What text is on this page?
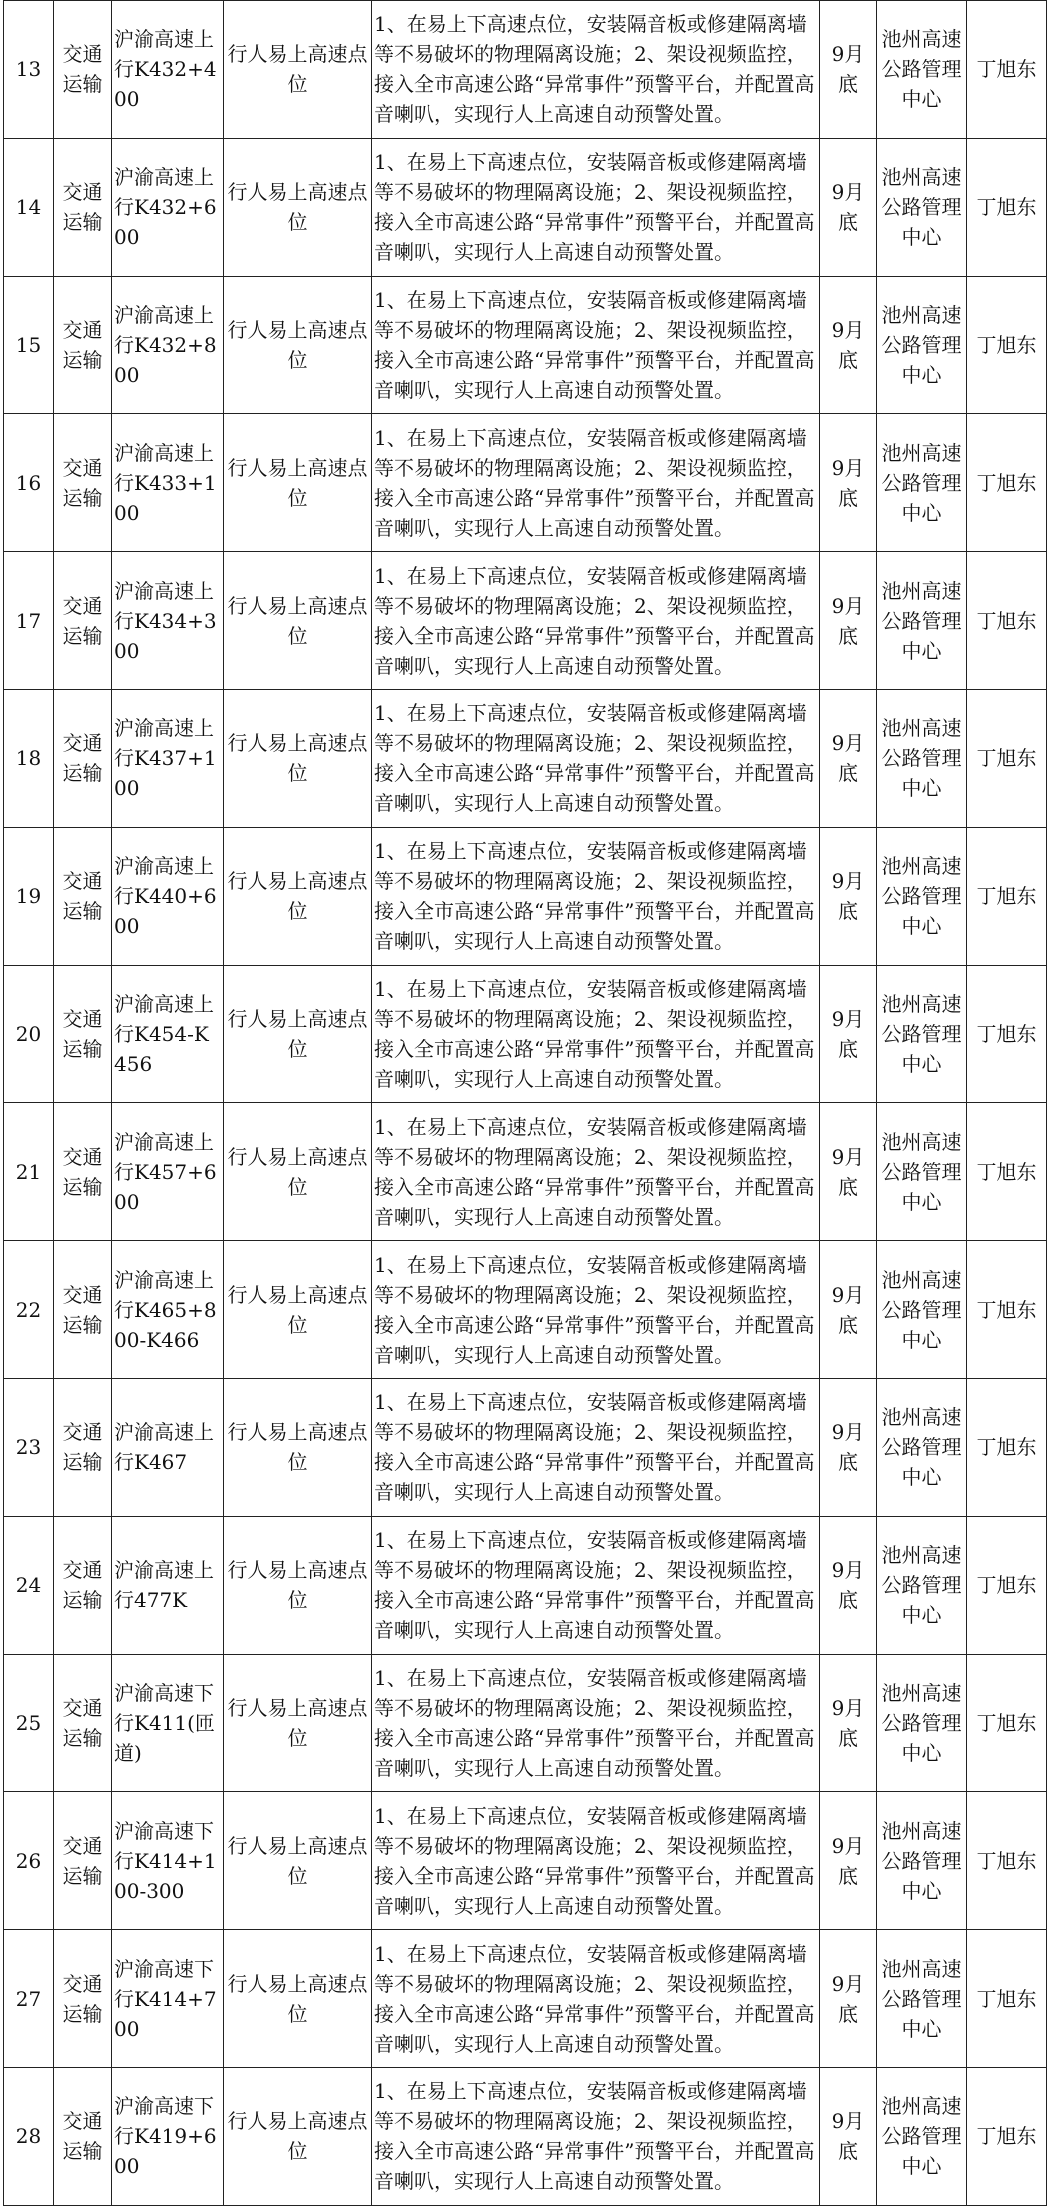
13	交通运输	沪渝高速上行K432+400	行人易上高速点位	1、在易上下高速点位，安装隔音板或修建隔离墙等不易破坏的物理隔离设施；2、架设视频监控，接入全市高速公路“异常事件”预警平台，并配置高音喇叭，实现行人上高速自动预警处置。	9月底	池州高速公路管理中心	丁旭东
14	交通运输	沪渝高速上行K432+600	行人易上高速点位	1、在易上下高速点位，安装隔音板或修建隔离墙等不易破坏的物理隔离设施；2、架设视频监控，接入全市高速公路“异常事件”预警平台，并配置高音喇叭，实现行人上高速自动预警处置。	9月底	池州高速公路管理中心	丁旭东
15	交通运输	沪渝高速上行K432+800	行人易上高速点位	1、在易上下高速点位，安装隔音板或修建隔离墙等不易破坏的物理隔离设施；2、架设视频监控，接入全市高速公路“异常事件”预警平台，并配置高音喇叭，实现行人上高速自动预警处置。	9月底	池州高速公路管理中心	丁旭东
16	交通运输	沪渝高速上行K433+100	行人易上高速点位	1、在易上下高速点位，安装隔音板或修建隔离墙等不易破坏的物理隔离设施；2、架设视频监控，接入全市高速公路“异常事件”预警平台，并配置高音喇叭，实现行人上高速自动预警处置。	9月底	池州高速公路管理中心	丁旭东
17	交通运输	沪渝高速上行K434+300	行人易上高速点位	1、在易上下高速点位，安装隔音板或修建隔离墙等不易破坏的物理隔离设施；2、架设视频监控，接入全市高速公路“异常事件”预警平台，并配置高音喇叭，实现行人上高速自动预警处置。	9月底	池州高速公路管理中心	丁旭东
18	交通运输	沪渝高速上行K437+100	行人易上高速点位	1、在易上下高速点位，安装隔音板或修建隔离墙等不易破坏的物理隔离设施；2、架设视频监控，接入全市高速公路“异常事件”预警平台，并配置高音喇叭，实现行人上高速自动预警处置。	9月底	池州高速公路管理中心	丁旭东
19	交通运输	沪渝高速上行K440+600	行人易上高速点位	1、在易上下高速点位，安装隔音板或修建隔离墙等不易破坏的物理隔离设施；2、架设视频监控，接入全市高速公路“异常事件”预警平台，并配置高音喇叭，实现行人上高速自动预警处置。	9月底	池州高速公路管理中心	丁旭东
20	交通运输	沪渝高速上行K454-K456	行人易上高速点位	1、在易上下高速点位，安装隔音板或修建隔离墙等不易破坏的物理隔离设施；2、架设视频监控，接入全市高速公路“异常事件”预警平台，并配置高音喇叭，实现行人上高速自动预警处置。	9月底	池州高速公路管理中心	丁旭东
21	交通运输	沪渝高速上行K457+600	行人易上高速点位	1、在易上下高速点位，安装隔音板或修建隔离墙等不易破坏的物理隔离设施；2、架设视频监控，接入全市高速公路“异常事件”预警平台，并配置高音喇叭，实现行人上高速自动预警处置。	9月底	池州高速公路管理中心	丁旭东
22	交通运输	沪渝高速上行K465+800-K466	行人易上高速点位	1、在易上下高速点位，安装隔音板或修建隔离墙等不易破坏的物理隔离设施；2、架设视频监控，接入全市高速公路“异常事件”预警平台，并配置高音喇叭，实现行人上高速自动预警处置。	9月底	池州高速公路管理中心	丁旭东
23	交通运输	沪渝高速上行K467	行人易上高速点位	1、在易上下高速点位，安装隔音板或修建隔离墙等不易破坏的物理隔离设施；2、架设视频监控，接入全市高速公路“异常事件”预警平台，并配置高音喇叭，实现行人上高速自动预警处置。	9月底	池州高速公路管理中心	丁旭东
24	交通运输	沪渝高速上行477K	行人易上高速点位	1、在易上下高速点位，安装隔音板或修建隔离墙等不易破坏的物理隔离设施；2、架设视频监控，接入全市高速公路“异常事件”预警平台，并配置高音喇叭，实现行人上高速自动预警处置。	9月底	池州高速公路管理中心	丁旭东
25	交通运输	沪渝高速下行K411(匝道)	行人易上高速点位	1、在易上下高速点位，安装隔音板或修建隔离墙等不易破坏的物理隔离设施；2、架设视频监控，接入全市高速公路“异常事件”预警平台，并配置高音喇叭，实现行人上高速自动预警处置。	9月底	池州高速公路管理中心	丁旭东
26	交通运输	沪渝高速下行K414+100-300	行人易上高速点位	1、在易上下高速点位，安装隔音板或修建隔离墙等不易破坏的物理隔离设施；2、架设视频监控，接入全市高速公路“异常事件”预警平台，并配置高音喇叭，实现行人上高速自动预警处置。	9月底	池州高速公路管理中心	丁旭东
27	交通运输	沪渝高速下行K414+700	行人易上高速点位	1、在易上下高速点位，安装隔音板或修建隔离墙等不易破坏的物理隔离设施；2、架设视频监控，接入全市高速公路“异常事件”预警平台，并配置高音喇叭，实现行人上高速自动预警处置。	9月底	池州高速公路管理中心	丁旭东
28	交通运输	沪渝高速下行K419+600	行人易上高速点位	1、在易上下高速点位，安装隔音板或修建隔离墙等不易破坏的物理隔离设施；2、架设视频监控，接入全市高速公路“异常事件”预警平台，并配置高音喇叭，实现行人上高速自动预警处置。	9月底	池州高速公路管理中心	丁旭东
